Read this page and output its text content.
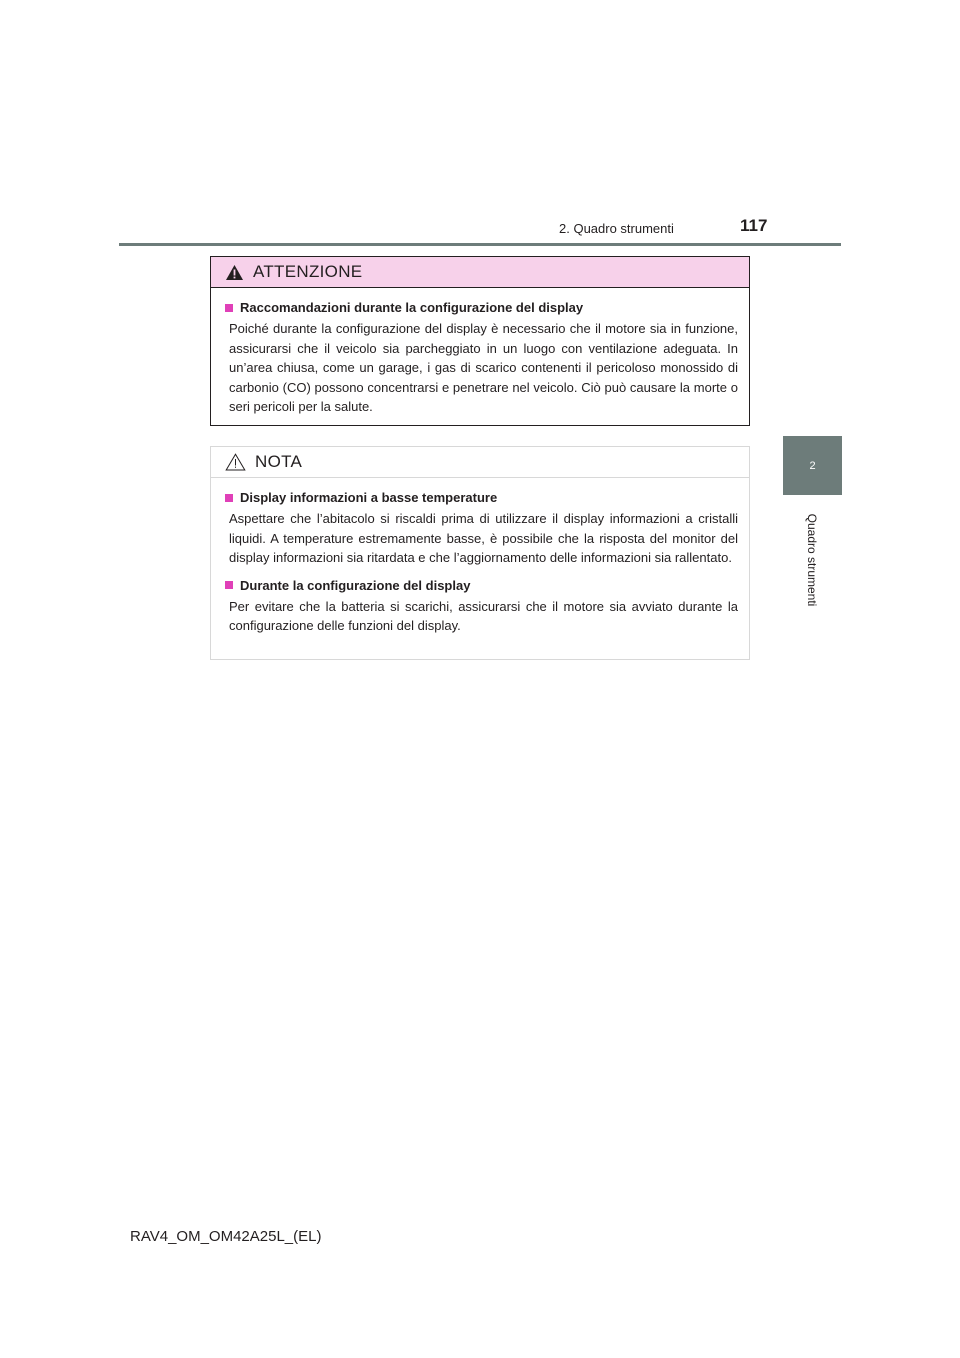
2. Quadro strumenti	117
2
Quadro strumenti
ATTENZIONE
Raccomandazioni durante la configurazione del display
Poiché durante la configurazione del display è necessario che il motore sia in funzione, assicurarsi che il veicolo sia parcheggiato in un luogo con ventilazione adeguata. In un’area chiusa, come un garage, i gas di scarico contenenti il pericoloso monossido di carbonio (CO) possono concentrarsi e penetrare nel veicolo. Ciò può causare la morte o seri pericoli per la salute.
NOTA
Display informazioni a basse temperature
Aspettare che l’abitacolo si riscaldi prima di utilizzare il display informazioni a cristalli liquidi. A temperature estremamente basse, è possibile che la risposta del monitor del display informazioni sia ritardata e che l’aggiornamento delle informazioni sia rallentato.
Durante la configurazione del display
Per evitare che la batteria si scarichi, assicurarsi che il motore sia avviato durante la configurazione delle funzioni del display.
RAV4_OM_OM42A25L_(EL)
